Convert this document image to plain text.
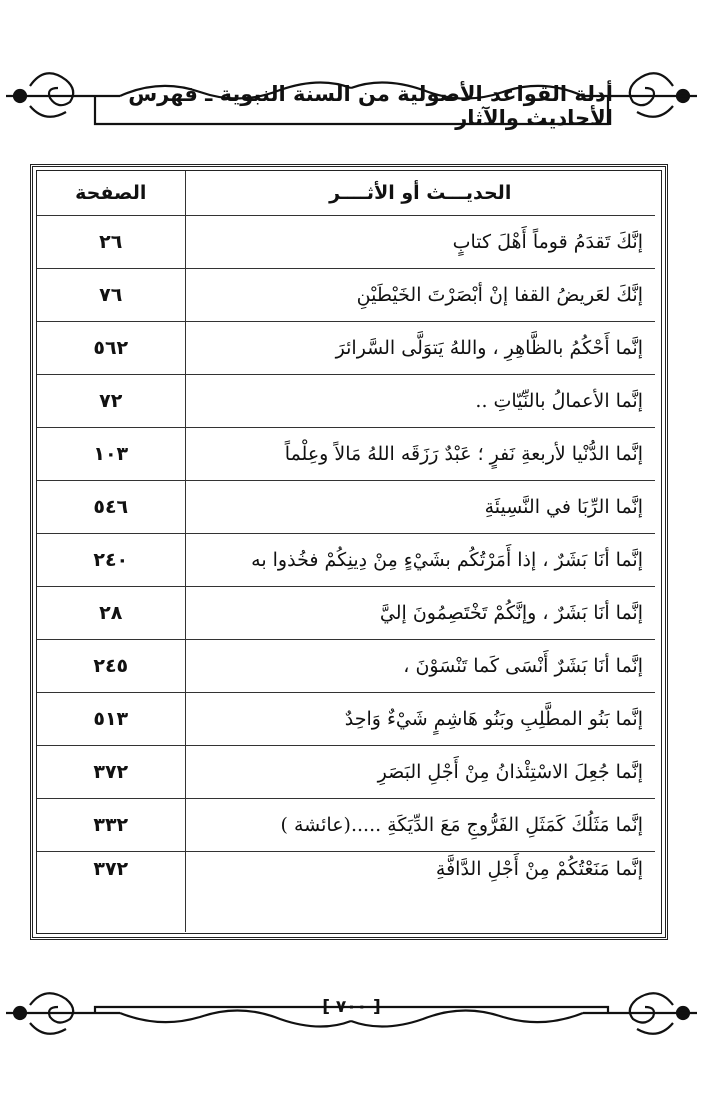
أدلة القواعد الأصولية من السنة النبوية ـ فهرس الأحاديث والآثار
الحديـــث أو الأثــــر	الصفحة
إنَّكَ تَقدَمُ قوماً أَهْلَ كتابٍ	٢٦
إنَّكَ لعَريضُ القفا إنْ أبْصَرْتَ الخَيْطَيْنِ	٧٦
إنَّما أَحْكُمُ بالظَّاهِرِ ، واللهُ يَتوَلَّى السَّرائرَ	٥٦٢
إنَّما الأعمالُ بالنِّيّاتِ ..	٧٢
إنَّما الدُّنْيا لأربعةِ نَفرٍ ؛ عَبْدٌ رَزَقَه اللهُ مَالاً وعِلْماً	١٠٣
إنَّما الرِّبَا في النَّسِيئَةِ	٥٤٦
إنَّما أنَا بَشَرٌ ، إذا أَمَرْتُكُم بشَيْءٍ مِنْ دِينِكُمْ فخُذوا به	٢٤٠
إنَّما أنَا بَشَرٌ ، وإنَّكُمْ تَخْتَصِمُونَ إليَّ	٢٨
إنَّما أنَا بَشَرٌ أَنْسَى كَما تَنْسَوْنَ ،	٢٤٥
إنَّما بَنُو المطَّلِبِ وبَنُو هَاشِمٍ شَيْءٌ وَاحِدٌ	٥١٣
إنَّما جُعِلَ الاسْتِئْذانُ مِنْ أَجْلِ البَصَرِ	٣٧٢
إنَّما مَثَلُكَ كَمَثَلِ الفَرُّوجِ مَعَ الدِّيَكَةِ .....(عائشة )	٣٣٢
إنَّما مَنَعْتُكُمْ مِنْ أَجْلِ الدَّافَّةِ	٣٧٢
[ ٧٠٠ ]
